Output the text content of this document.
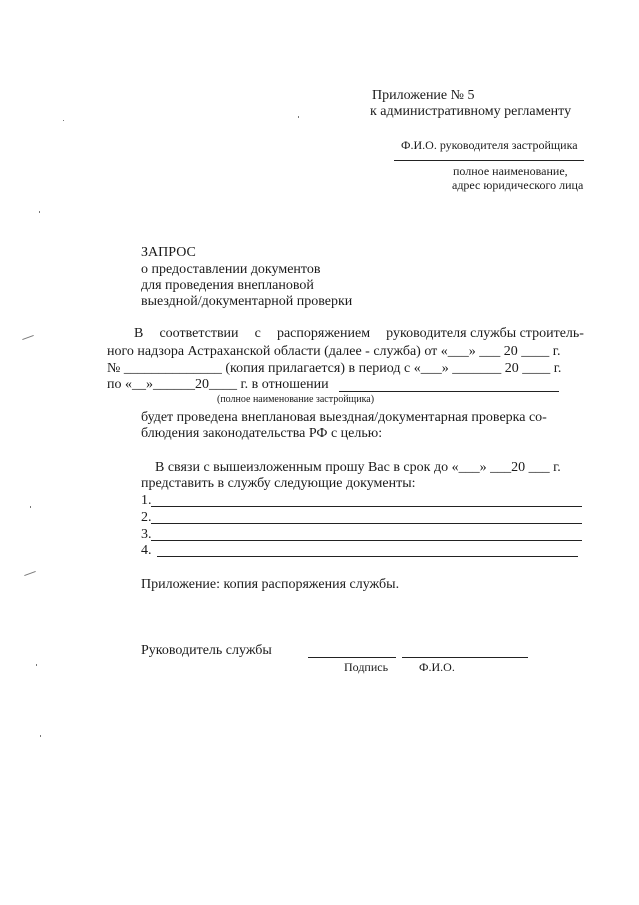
Приложение № 5
к административному регламенту
Ф.И.О. руководителя застройщика
полное наименование,
адрес юридического лица
ЗАПРОС
о предоставлении документов
для проведения внеплановой
выездной/документарной проверки
В соответствии с распоряжением руководителя службы строитель-
ного надзора Астраханской области (далее - служба) от «___» ___ 20 ____ г.
№ ______________ (копия прилагается) в период с «___» _______ 20 ____ г.
по «__»______20____ г. в отношении
(полное наименование застройщика)
будет проведена внеплановая выездная/документарная проверка со-
блюдения законодательства РФ с целью:
В связи с вышеизложенным прошу Вас в срок до «___» ___20 ___ г.
представить в службу следующие документы:
1.
2.
3.
4.
Приложение: копия распоряжения службы.
Руководитель службы
Подпись	Ф.И.О.
